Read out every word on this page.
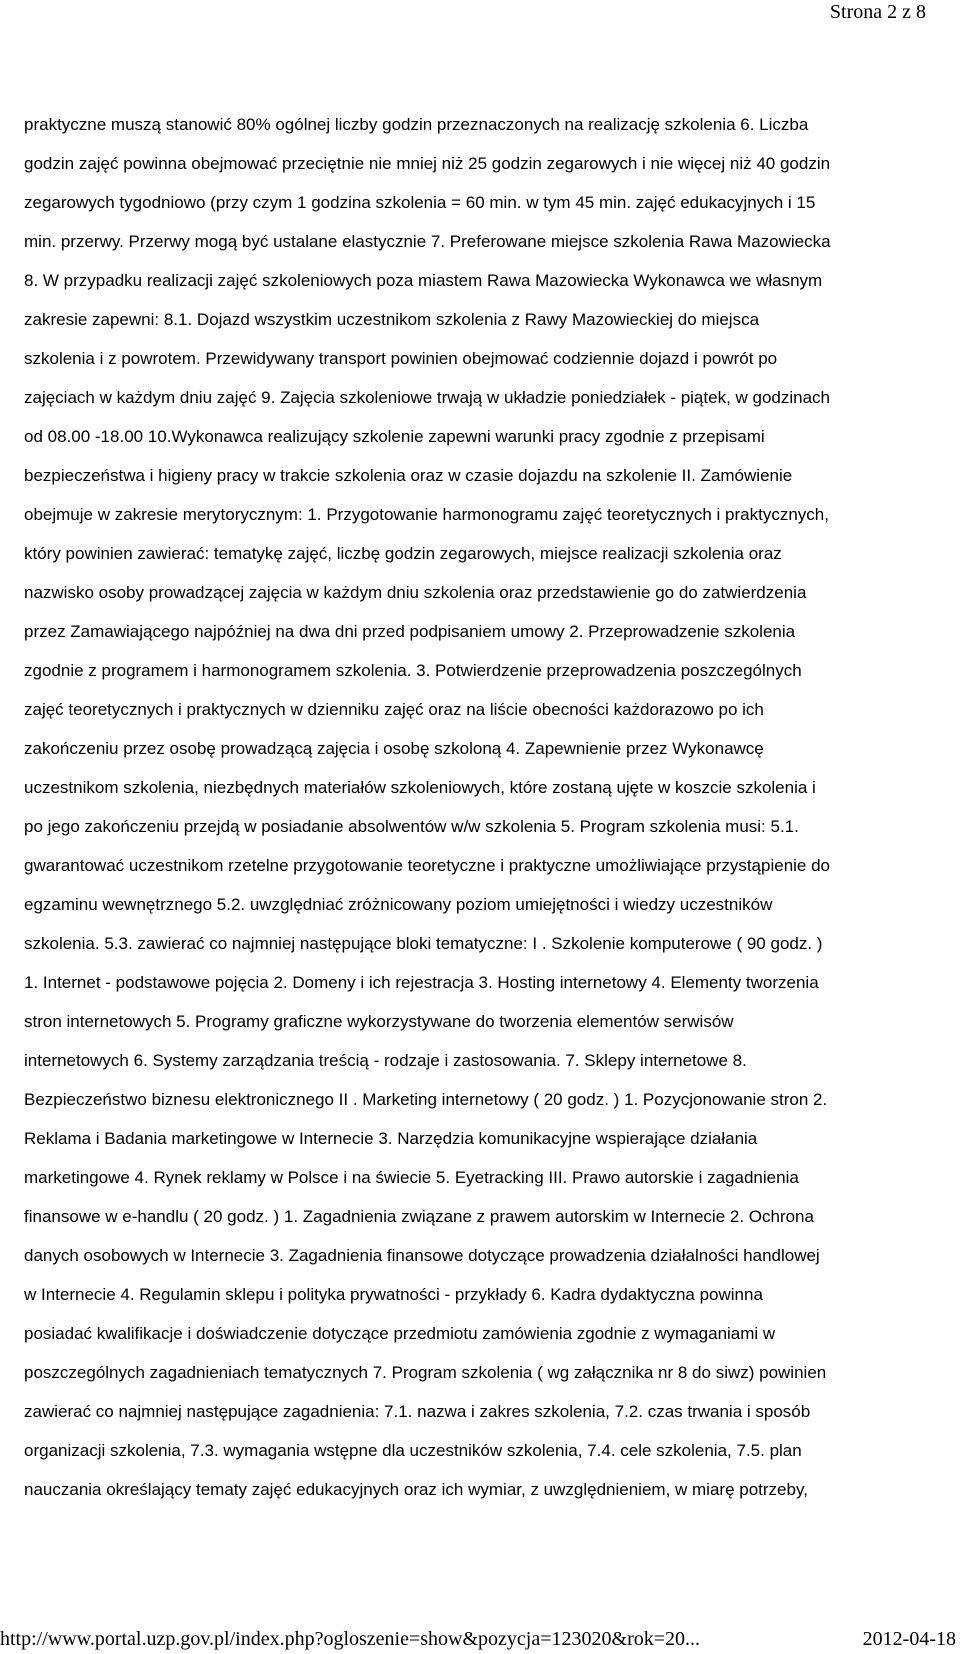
Strona 2 z 8
praktyczne muszą stanowić 80% ogólnej liczby godzin przeznaczonych na realizację szkolenia 6. Liczba
godzin zajęć powinna obejmować przeciętnie nie mniej niż 25 godzin zegarowych i nie więcej niż 40 godzin
zegarowych tygodniowo (przy czym 1 godzina szkolenia = 60 min. w tym 45 min. zajęć edukacyjnych i 15
min. przerwy. Przerwy mogą być ustalane elastycznie 7. Preferowane miejsce szkolenia Rawa Mazowiecka
8. W przypadku realizacji zajęć szkoleniowych poza miastem Rawa Mazowiecka Wykonawca we własnym
zakresie zapewni: 8.1. Dojazd wszystkim uczestnikom szkolenia z Rawy Mazowieckiej do miejsca
szkolenia i z powrotem. Przewidywany transport powinien obejmować codziennie dojazd i powrót po
zajęciach w każdym dniu zajęć 9. Zajęcia szkoleniowe trwają w układzie poniedziałek - piątek, w godzinach
od 08.00 -18.00 10.Wykonawca realizujący szkolenie zapewni warunki pracy zgodnie z przepisami
bezpieczeństwa i higieny pracy w trakcie szkolenia oraz w czasie dojazdu na szkolenie II. Zamówienie
obejmuje w zakresie merytorycznym: 1. Przygotowanie harmonogramu zajęć teoretycznych i praktycznych,
który powinien zawierać: tematykę zajęć, liczbę godzin zegarowych, miejsce realizacji szkolenia oraz
nazwisko osoby prowadzącej zajęcia w każdym dniu szkolenia oraz przedstawienie go do zatwierdzenia
przez Zamawiającego najpóźniej na dwa dni przed podpisaniem umowy 2. Przeprowadzenie szkolenia
zgodnie z programem i harmonogramem szkolenia. 3. Potwierdzenie przeprowadzenia poszczególnych
zajęć teoretycznych i praktycznych w dzienniku zajęć oraz na liście obecności każdorazowo po ich
zakończeniu przez osobę prowadzącą zajęcia i osobę szkoloną 4. Zapewnienie przez Wykonawcę
uczestnikom szkolenia, niezbędnych materiałów szkoleniowych, które zostaną ujęte w koszcie szkolenia i
po jego zakończeniu przejdą w posiadanie absolwentów w/w szkolenia 5. Program szkolenia musi: 5.1.
gwarantować uczestnikom rzetelne przygotowanie teoretyczne i praktyczne umożliwiające przystąpienie do
egzaminu wewnętrznego 5.2. uwzględniać zróżnicowany poziom umiejętności i wiedzy uczestników
szkolenia. 5.3. zawierać co najmniej następujące bloki tematyczne: I . Szkolenie komputerowe ( 90 godz. )
1. Internet - podstawowe pojęcia 2. Domeny i ich rejestracja 3. Hosting internetowy 4. Elementy tworzenia
stron internetowych 5. Programy graficzne wykorzystywane do tworzenia elementów serwisów
internetowych 6. Systemy zarządzania treścią - rodzaje i zastosowania. 7. Sklepy internetowe 8.
Bezpieczeństwo biznesu elektronicznego II . Marketing internetowy ( 20 godz. ) 1. Pozycjonowanie stron 2.
Reklama i Badania marketingowe w Internecie 3. Narzędzia komunikacyjne wspierające działania
marketingowe 4. Rynek reklamy w Polsce i na świecie 5. Eyetracking III. Prawo autorskie i zagadnienia
finansowe w e-handlu ( 20 godz. ) 1. Zagadnienia związane z prawem autorskim w Internecie 2. Ochrona
danych osobowych w Internecie 3. Zagadnienia finansowe dotyczące prowadzenia działalności handlowej
w Internecie 4. Regulamin sklepu i polityka prywatności - przykłady 6. Kadra dydaktyczna powinna
posiadać kwalifikacje i doświadczenie dotyczące przedmiotu zamówienia zgodnie z wymaganiami w
poszczególnych zagadnieniach tematycznych 7. Program szkolenia ( wg załącznika nr 8 do siwz) powinien
zawierać co najmniej następujące zagadnienia: 7.1. nazwa i zakres szkolenia, 7.2. czas trwania i sposób
organizacji szkolenia, 7.3. wymagania wstępne dla uczestników szkolenia, 7.4. cele szkolenia, 7.5. plan
nauczania określający tematy zajęć edukacyjnych oraz ich wymiar, z uwzględnieniem, w miarę potrzeby,
http://www.portal.uzp.gov.pl/index.php?ogloszenie=show&pozycja=123020&rok=20...	2012-04-18
